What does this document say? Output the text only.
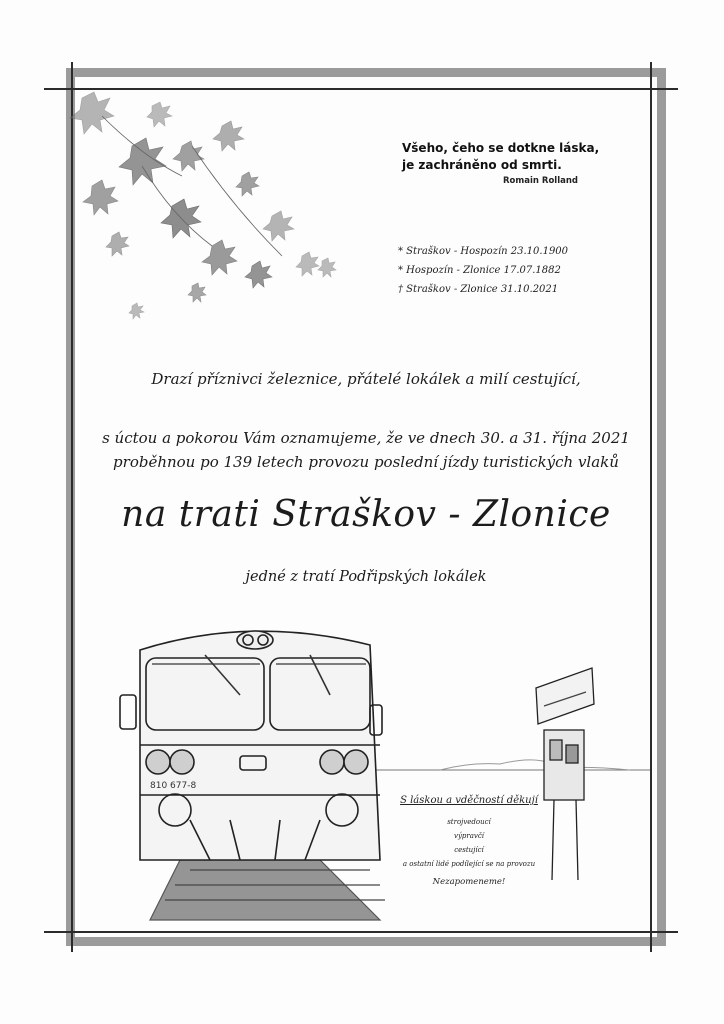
Všeho, čeho se dotkne láska,
je zachráněno od smrti.
Romain Rolland
* Straškov - Hospozín 23.10.1900
* Hospozín - Zlonice 17.07.1882
† Straškov - Zlonice 31.10.2021
Drazí příznivci železnice, přátelé lokálek a milí cestující,
s úctou a pokorou Vám oznamujeme, že ve dnech 30. a 31. října 2021
proběhnou po 139 letech provozu poslední jízdy turistických vlaků
na trati Straškov - Zlonice
jedné z tratí Podřipských lokálek
810 677-8
S láskou a vděčností děkují
strojvedoucí
výpravčí
cestující
a ostatní lidé podílející se na provozu
Nezapomeneme!
